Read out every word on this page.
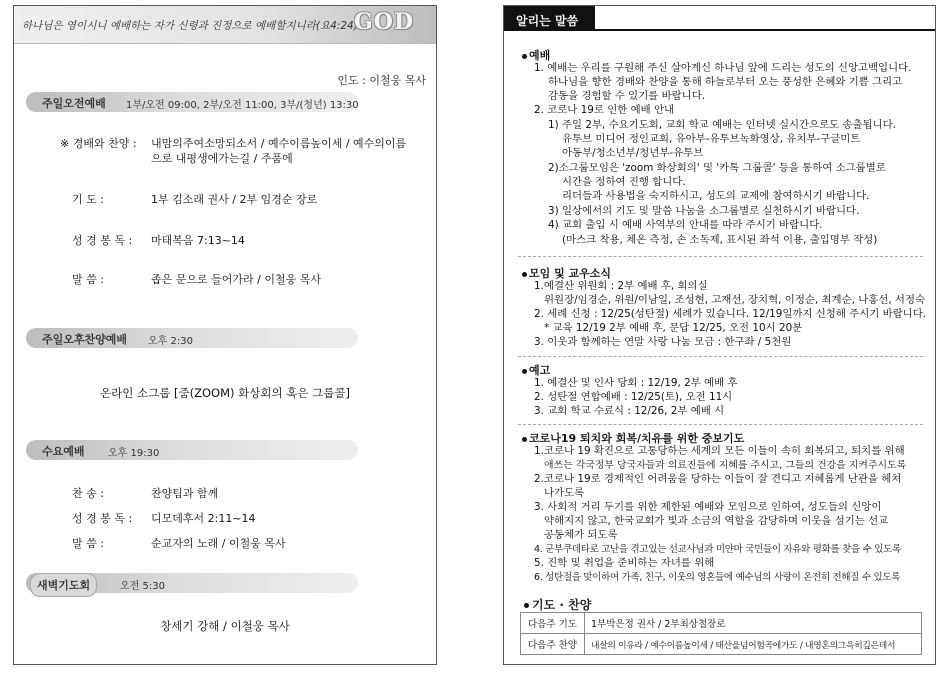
하나님은 영이시니 예배하는 자가 신령과 진정으로 예배할지니라(요4:24)
GOD
인도 : 이철웅 목사
주일오전예배 1부/오전 09:00, 2부/오전 11:00, 3부/(청년) 13:30
※ 경배와 찬양 : 내맘의주여소망되소서 / 예수이름높이세 / 예수의이름으로 내평생에가는길 / 주품에
기 도 :	1부 김소래 권사 / 2부 임경순 장로
성 경 봉 독 : 마태복음 7:13~14
말 씀 :	좁은 문으로 들어가라 / 이철웅 목사
주일오후찬양예배 오후 2:30
온라인 소그룹 [줌(ZOOM) 화상회의 혹은 그룹콜]
수요예배 오후 19:30
찬 송 :	찬양팀과 함께
성 경 봉 독 : 디모데후서 2:11~14
말 씀 :	순교자의 노래 / 이철웅 목사
새벽기도회	오전 5:30
창세기 강해 / 이철웅 목사
알리는 말씀
예배
1. 예배는 우리를 구원해 주신 살아계신 하나님 앞에 드리는 성도의 신앙고백입니다.
하나님을 향한 경배와 찬양을 통해 하늘로부터 오는 풍성한 은혜와 기쁨 그리고
감동을 경험할 수 있기를 바랍니다.
2. 코로나 19로 인한 예배 안내
1) 주일 2부, 수요기도회, 교회 학교 예배는 인터넷 실시간으로도 송출됩니다.
유투브 미디어 정인교회, 유아부-유투브녹화영상, 유치부-구글미트
아동부/청소년부/청년부-유투브
2)소그룹모임은 'zoom 화상회의' 및 '카톡 그룹콜' 등을 통하여 소그룹별로
시간을 정하여 진행 합니다.
리더들과 사용법을 숙지하시고, 성도의 교제에 참여하시기 바랍니다.
3) 일상에서의 기도 및 말씀 나눔을 소그룹별로 실천하시기 바랍니다.
4) 교회 출입 시 예배 사역부의 안내를 따라 주시기 바랍니다.
(마스크 착용, 체온 측정, 손 소독제, 표시된 좌석 이용, 출입명부 작성)
모임 및 교우소식
1.예결산 위원회 : 2부 예배 후, 회의실
위원장/임경순, 위원/이남일, 조성현, 고재선, 장치혁, 이정순, 최계순, 나홍선, 서정숙
2. 세례 신청 : 12/25(성탄절) 세례가 있습니다. 12/19일까지 신청해 주시기 바랍니다.
* 교육 12/19 2부 예배 후, 문답 12/25, 오전 10시 20분
3. 이웃과 함께하는 연말 사랑 나눔 모금 : 한구좌 / 5천원
예고
1. 예결산 및 인사 당회 : 12/19, 2부 예배 후
2. 성탄절 연합예배 : 12/25(토), 오전 11시
3. 교회 학교 수료식 : 12/26, 2부 예배 시
코로나19 퇴치와 회복/치유를 위한 중보기도
1.코로나 19 확진으로 고통당하는 세계의 모든 이들이 속히 회복되고, 퇴치를 위해
애쓰는 각국정부 당국자들과 의료진들에 지혜를 주시고, 그들의 건강을 지켜주시도록
2.코로나 19로 경제적인 어려움을 당하는 이들이 잘 견디고 지혜롭게 난관을 헤쳐
나가도록
3. 사회적 거리 두기를 위한 제한된 예배와 모임으로 인하여, 성도들의 신앙이
약해지지 않고, 한국교회가 빛과 소금의 역할을 감당하며 이웃을 섬기는 선교
공동체가 되도록
4. 군부쿠데타로 고난을 겪고있는 선교사님과 미얀마 국민들이 자유와 평화를 찾을 수 있도록
5. 진학 및 취업을 준비하는 자녀를 위해
6. 성탄절을 맞이하여 가족, 친구, 이웃의 영혼들에 예수님의 사랑이 온전히 전해질 수 있도록
기도 · 찬양
다음주 기도	1부박은정 권사 / 2부최상철장로
다음주 찬양	내살의 이유라 / 예수이름높이세 / 태산을넘어험곡에가도 / 내영혼의그윽히깊은데서
